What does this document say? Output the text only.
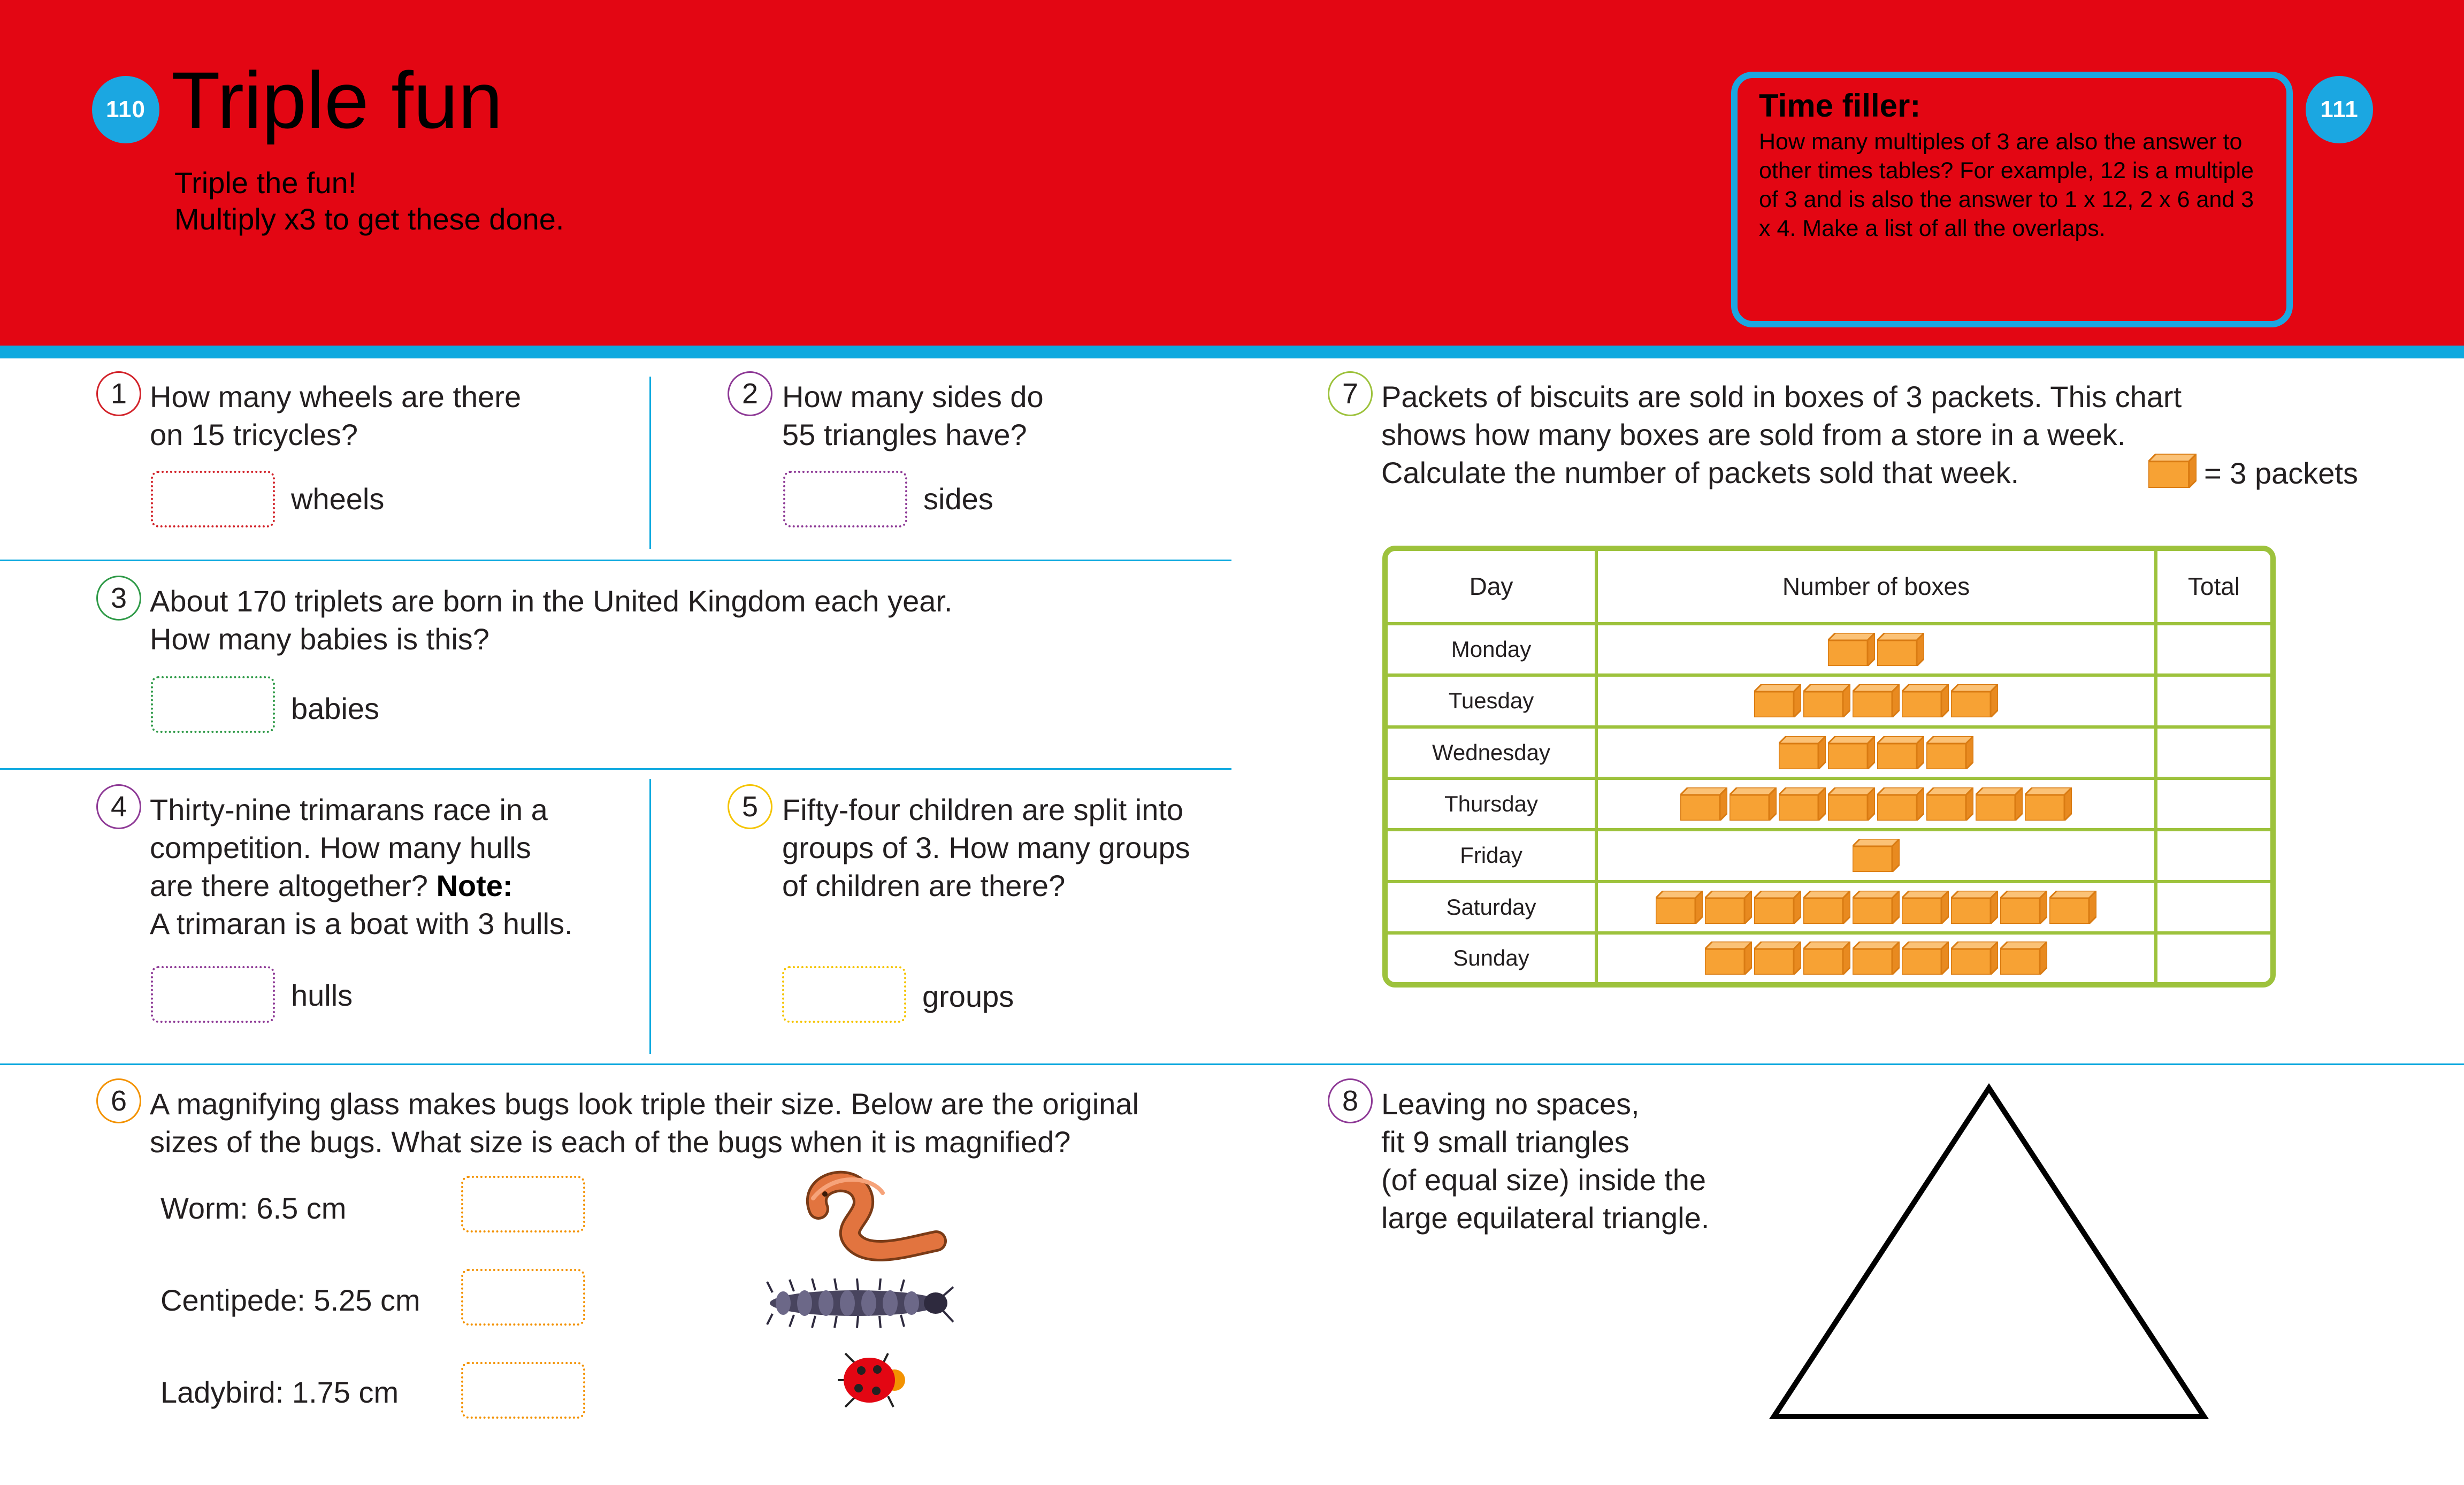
110 Triple fun
Triple the fun!
Multiply x3 to get these done.
Time filler:
How many multiples of 3 are also the answer to other times tables? For example, 12 is a multiple of 3 and is also the answer to 1 x 12, 2 x 6 and 3 x 4. Make a list of all the overlaps.
111
1 How many wheels are there
on 15 tricycles?
wheels
2 How many sides do
55 triangles have?
sides
3 About 170 triplets are born in the United Kingdom each year.
How many babies is this?
babies
4 Thirty-nine trimarans race in a
competition. How many hulls
are there altogether? Note:
A trimaran is a boat with 3 hulls.
hulls
5 Fifty-four children are split into
groups of 3. How many groups
of children are there?
groups
6 A magnifying glass makes bugs look triple their size. Below are the original
sizes of the bugs. What size is each of the bugs when it is magnified?
Worm: 6.5 cm
Centipede: 5.25 cm
Ladybird: 1.75 cm
7 Packets of biscuits are sold in boxes of 3 packets. This chart
shows how many boxes are sold from a store in a week.
Calculate the number of packets sold that week.	= 3 packets
Day	Number of boxes	Total
Monday		
Tuesday		
Wednesday		
Thursday		
Friday		
Saturday		
Sunday		
8 Leaving no spaces,
fit 9 small triangles
(of equal size) inside the
large equilateral triangle.
